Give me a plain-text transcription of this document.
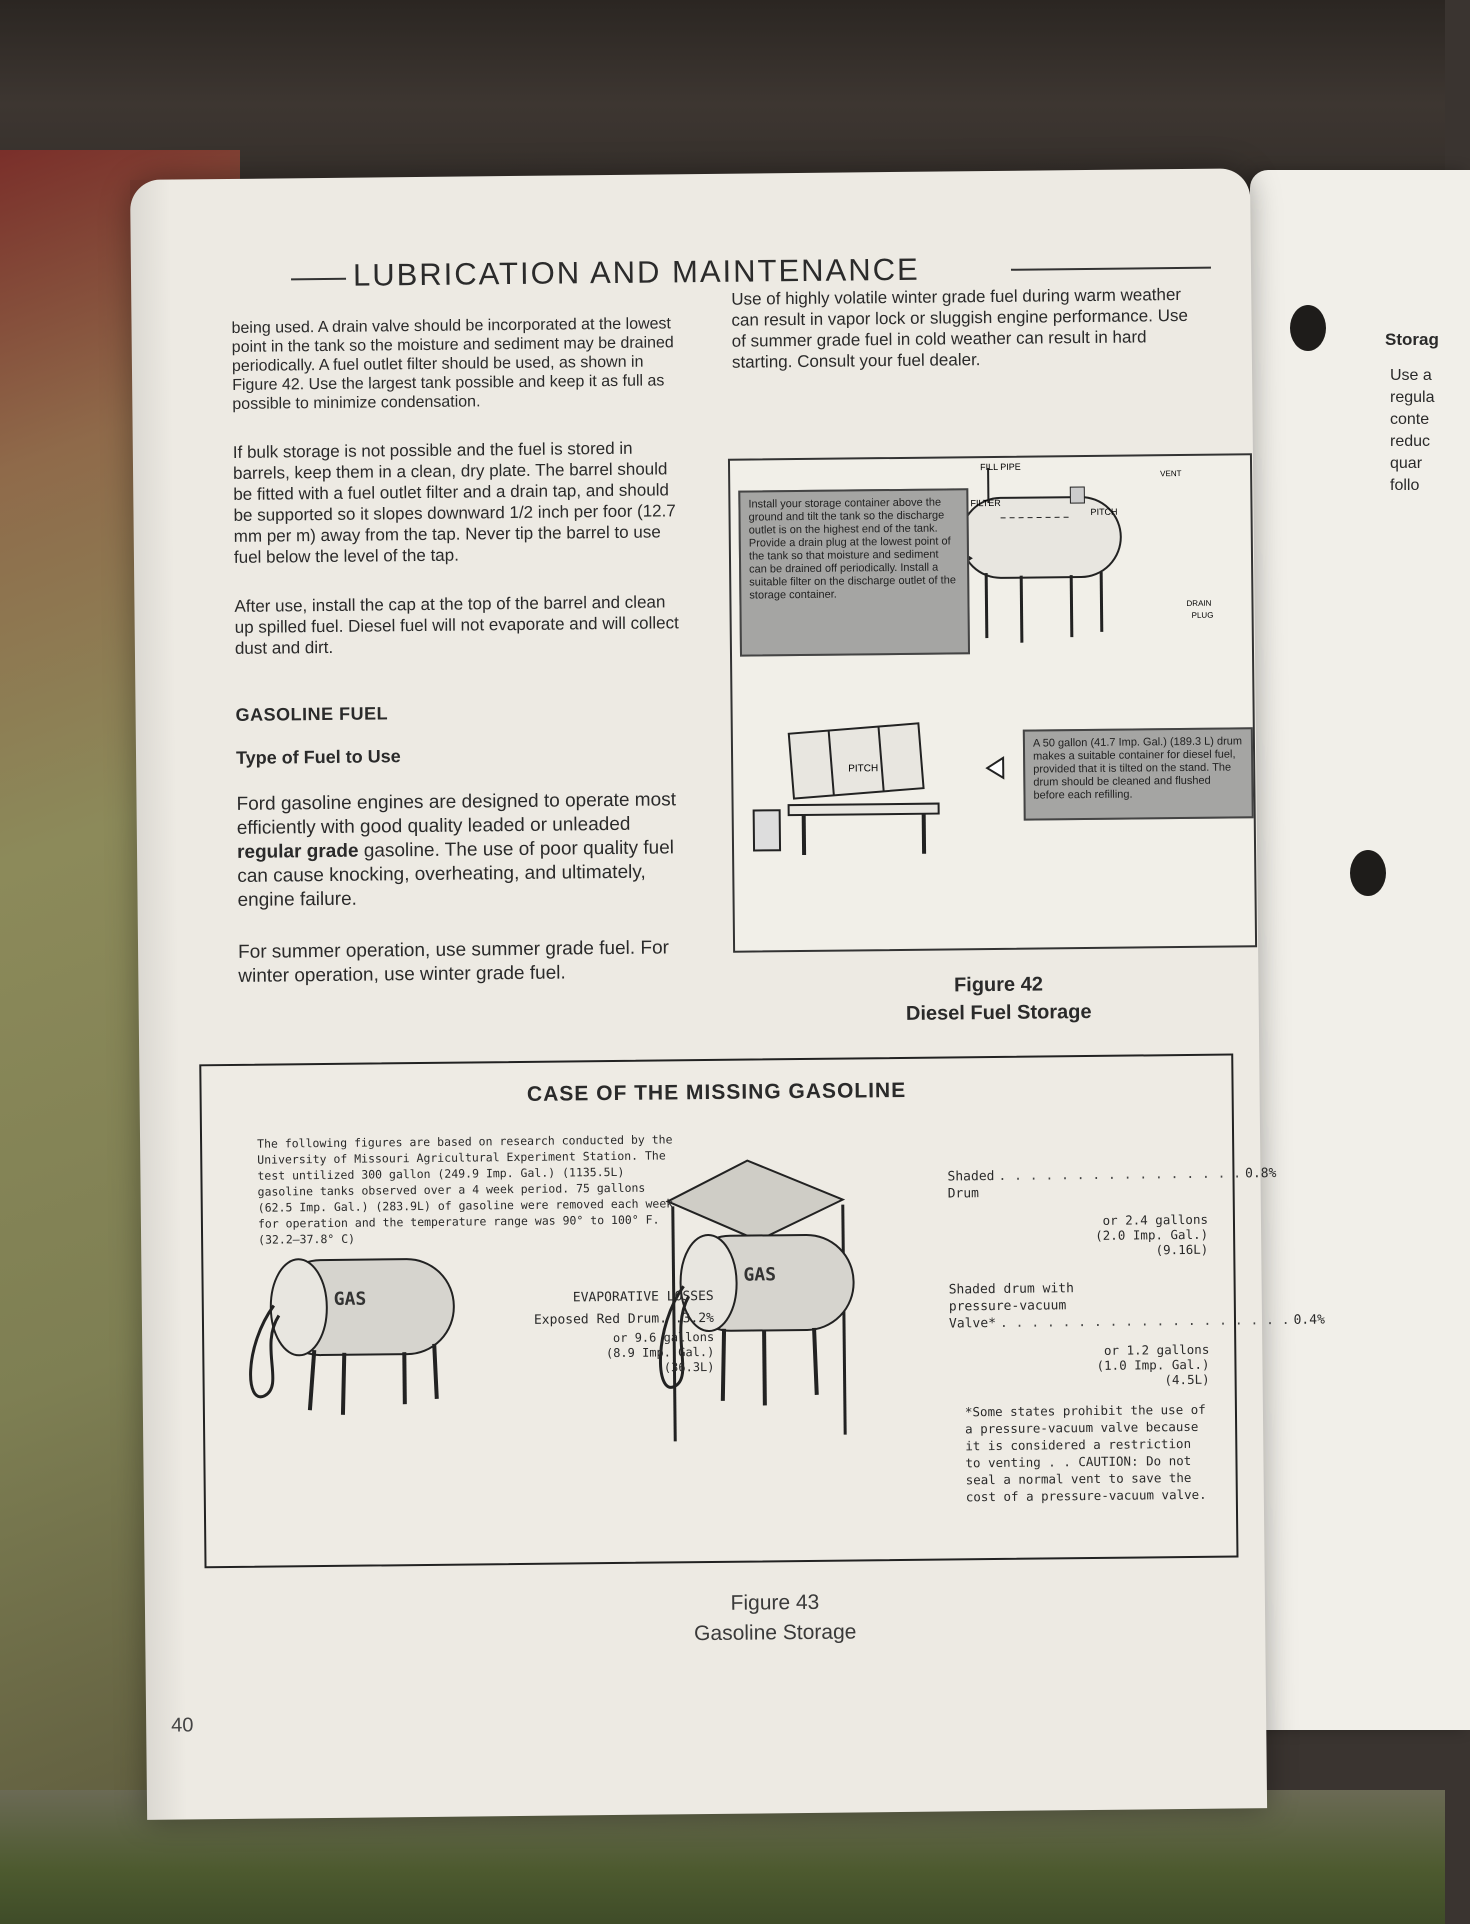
Storag
Use a
regula
conte
reduc
quar
follo
LUBRICATION AND MAINTENANCE

being used. A drain valve should be incorporated at the lowest point in the tank so the moisture and sediment may be drained periodically. A fuel outlet filter should be used, as shown in Figure 42. Use the largest tank possible and keep it as full as possible to minimize condensation.

If bulk storage is not possible and the fuel is stored in barrels, keep them in a clean, dry plate. The barrel should be fitted with a fuel outlet filter and a drain tap, and should be supported so it slopes downward 1/2 inch per foor (12.7 mm per m) away from the tap. Never tip the barrel to use fuel below the level of the tap.

After use, install the cap at the top of the barrel and clean up spilled fuel. Diesel fuel will not evaporate and will collect dust and dirt.

GASOLINE FUEL
Type of Fuel to Use

Ford gasoline engines are designed to operate most efficiently with good quality leaded or unleaded regular grade gasoline. The use of poor quality fuel can cause knocking, overheating, and ultimately, engine failure.

For summer operation, use summer grade fuel. For winter operation, use winter grade fuel.

Use of highly volatile winter grade fuel during warm weather can result in vapor lock or sluggish engine performance. Use of summer grade fuel in cold weather can result in hard starting. Consult your fuel dealer.
FILL PIPE
VENT
FILTER
PITCH
DRAIN
PLUG
PITCH
Install your storage container above the ground and tilt the tank so the discharge outlet is on the highest end of the tank. Provide a drain plug at the lowest point of the tank so that moisture and sediment can be drained off periodically. Install a suitable filter on the discharge outlet of the storage container.
A 50 gallon (41.7 Imp. Gal.) (189.3 L) drum makes a suitable container for diesel fuel, provided that it is tilted on the stand. The drum should be cleaned and flushed before each refilling.
Figure 42
Diesel Fuel Storage
GAS
GAS
CASE OF THE MISSING GASOLINE
The following figures are based on research conducted by the University of Missouri Agricultural Experiment Station. The test untilized 300 gallon (249.9 Imp. Gal.) (1135.5L) gasoline tanks observed over a 4 week period. 75 gallons (62.5 Imp. Gal.) (283.9L) of gasoline were removed each week for operation and the temperature range was 90° to 100° F. (32.2–37.8° C)
EVAPORATIVE LOSSES
Exposed Red Drum. .3.2%
or 9.6 gallons
(8.9 Imp. Gal.)
(36.3L)
Shaded Drum
. . . . . . . . . . . . . . . . 0.8%
or 2.4 gallons
(2.0 Imp. Gal.)
(9.16L)
Shaded drum with
pressure-vacuum
Valve* . . . . . . . . . . . . . . . . . . . 0.4%
or 1.2 gallons
(1.0 Imp. Gal.)
(4.5L)
*Some states prohibit the use of a pressure-vacuum valve because it is considered a restriction to venting . . CAUTION: Do not seal a normal vent to save the cost of a pressure-vacuum valve.
Figure 43
Gasoline Storage
40
